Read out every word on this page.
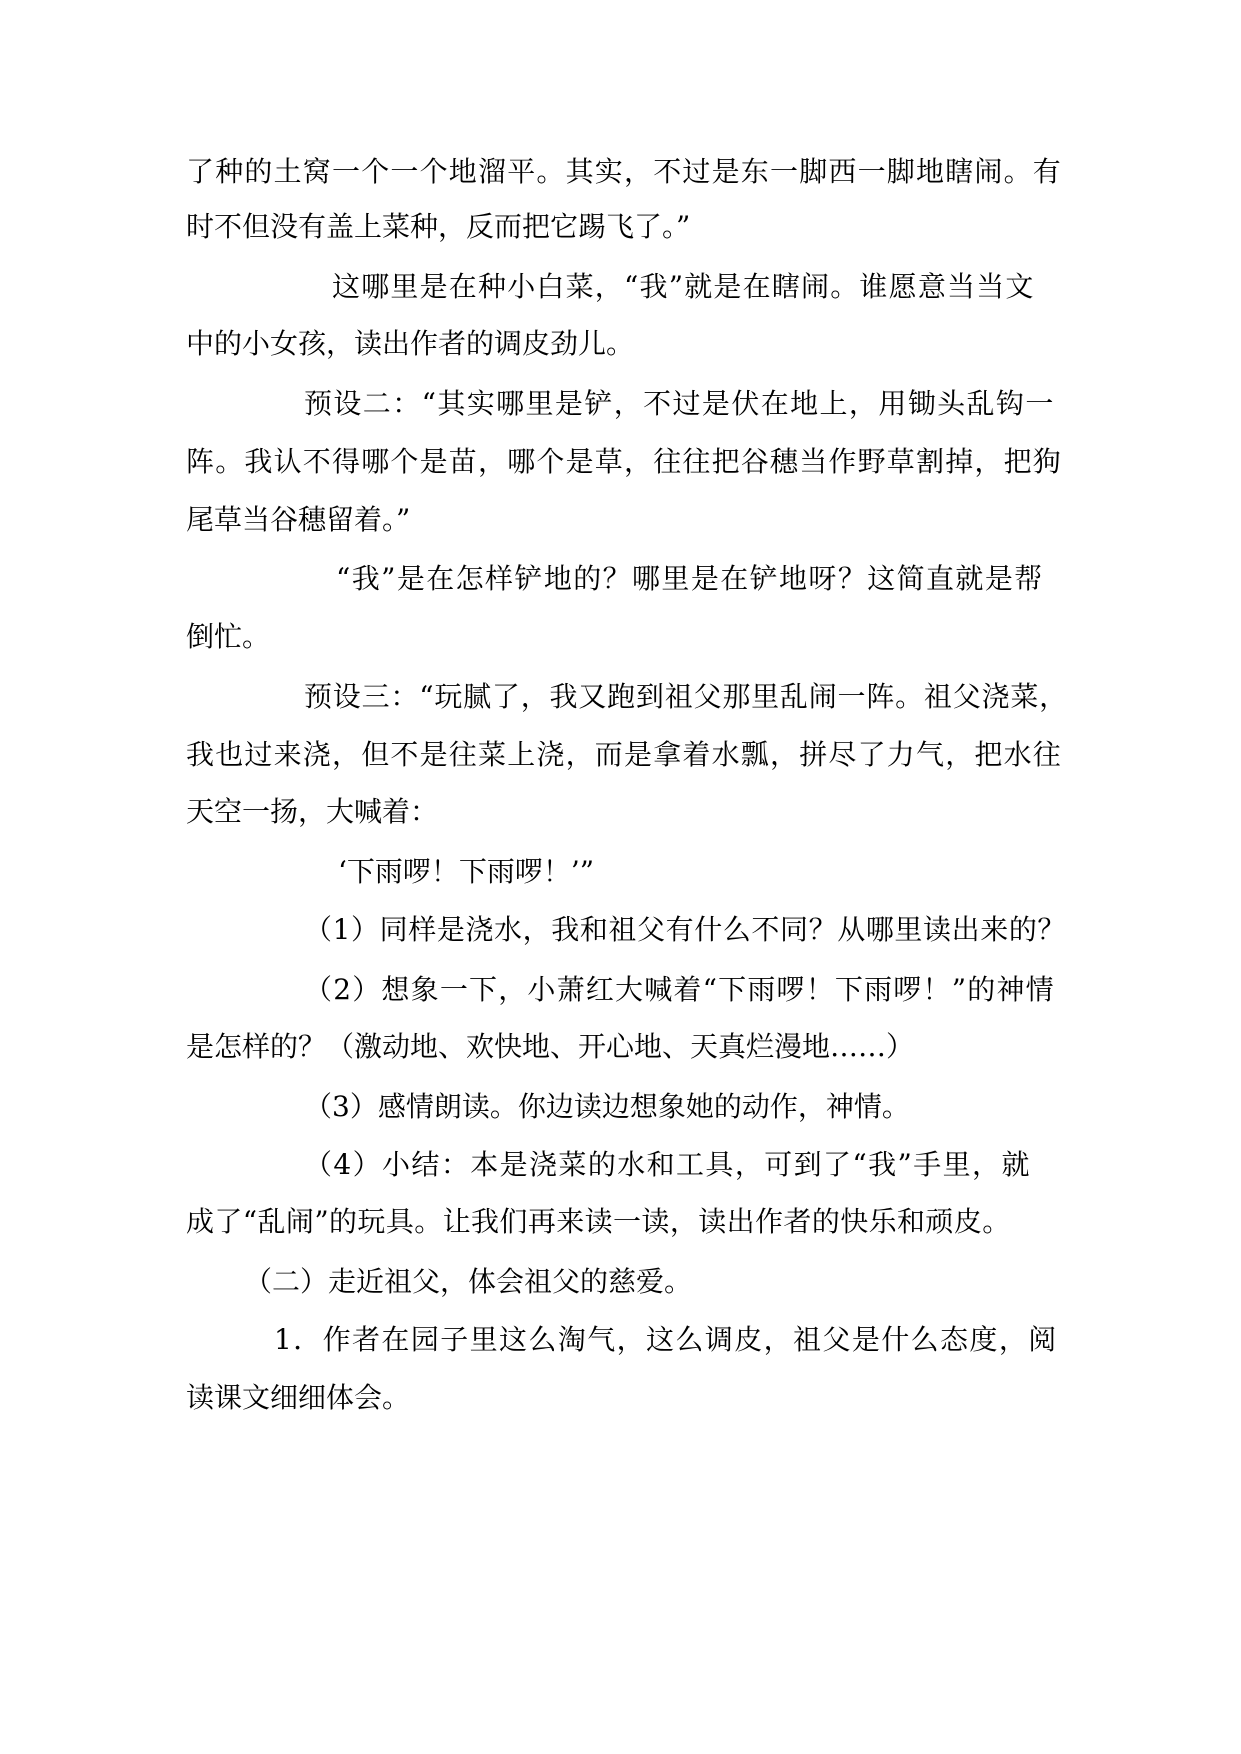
了种的土窝一个一个地溜平。其实，不过是东一脚西一脚地瞎闹。有
时不但没有盖上菜种，反而把它踢飞了。”
这哪里是在种小白菜，“我”就是在瞎闹。谁愿意当当文
中的小女孩，读出作者的调皮劲儿。
预设二：“其实哪里是铲，不过是伏在地上，用锄头乱钩一
阵。我认不得哪个是苗，哪个是草，往往把谷穗当作野草割掉，把狗
尾草当谷穗留着。”
“我”是在怎样铲地的？哪里是在铲地呀？这简直就是帮
倒忙。
预设三：“玩腻了，我又跑到祖父那里乱闹一阵。祖父浇菜，
我也过来浇，但不是往菜上浇，而是拿着水瓢，拼尽了力气，把水往
天空一扬，大喊着：
‘下雨啰！下雨啰！’”
（1）同样是浇水，我和祖父有什么不同？从哪里读出来的？
（2）想象一下，小萧红大喊着“下雨啰！下雨啰！”的神情
是怎样的？（激动地、欢快地、开心地、天真烂漫地……）
（3）感情朗读。你边读边想象她的动作，神情。
（4）小结：本是浇菜的水和工具，可到了“我”手里，就
成了“乱闹”的玩具。让我们再来读一读，读出作者的快乐和顽皮。
（二）走近祖父，体会祖父的慈爱。
1．作者在园子里这么淘气，这么调皮，祖父是什么态度，阅
读课文细细体会。
